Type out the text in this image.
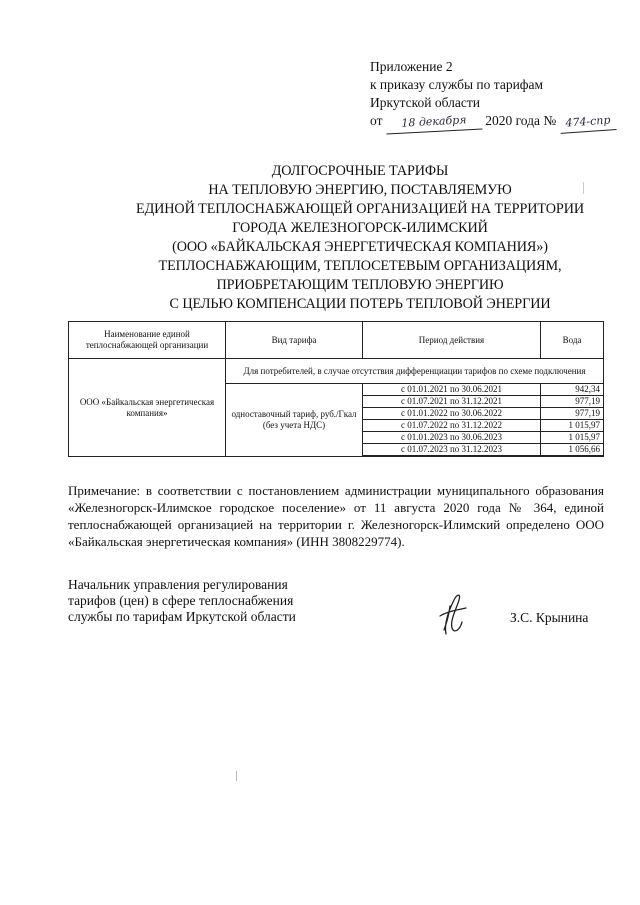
Приложение 2
к приказу службы по тарифам
Иркутской области
от 18 декабря 2020 года № 474-спр
ДОЛГОСРОЧНЫЕ ТАРИФЫ
НА ТЕПЛОВУЮ ЭНЕРГИЮ, ПОСТАВЛЯЕМУЮ
ЕДИНОЙ ТЕПЛОСНАБЖАЮЩЕЙ ОРГАНИЗАЦИЕЙ НА ТЕРРИТОРИИ
ГОРОДА ЖЕЛЕЗНОГОРСК-ИЛИМСКИЙ
(ООО «БАЙКАЛЬСКАЯ ЭНЕРГЕТИЧЕСКАЯ КОМПАНИЯ»)
ТЕПЛОСНАБЖАЮЩИМ, ТЕПЛОСЕТЕВЫМ ОРГАНИЗАЦИЯМ,
ПРИОБРЕТАЮЩИМ ТЕПЛОВУЮ ЭНЕРГИЮ
С ЦЕЛЬЮ КОМПЕНСАЦИИ ПОТЕРЬ ТЕПЛОВОЙ ЭНЕРГИИ
Наименование единой теплоснабжающей организации	Вид тарифа	Период действия	Вода
ООО «Байкальская энергетическая компания»	Для потребителей, в случае отсутствия дифференциации тарифов по схеме подключения		
	одноставочный тариф, руб./Гкал (без учета НДС)	с 01.01.2021 по 30.06.2021	942,34
		с 01.07.2021 по 31.12.2021	977,19
		с 01.01.2022 по 30.06.2022	977,19
		с 01.07.2022 по 31.12.2022	1 015,97
		с 01.01.2023 по 30.06.2023	1 015,97
		с 01.07.2023 по 31.12.2023	1 056,66

Примечание: в соответствии с постановлением администрации муниципального образования «Железногорск-Илимское городское поселение» от 11 августа 2020 года № 364, единой теплоснабжающей организацией на территории г. Железногорск-Илимский определено ООО «Байкальская энергетическая компания» (ИНН 3808229774).
Начальник управления регулирования
тарифов (цен) в сфере теплоснабжения
службы по тарифам Иркутской области	З.С. Крынина
